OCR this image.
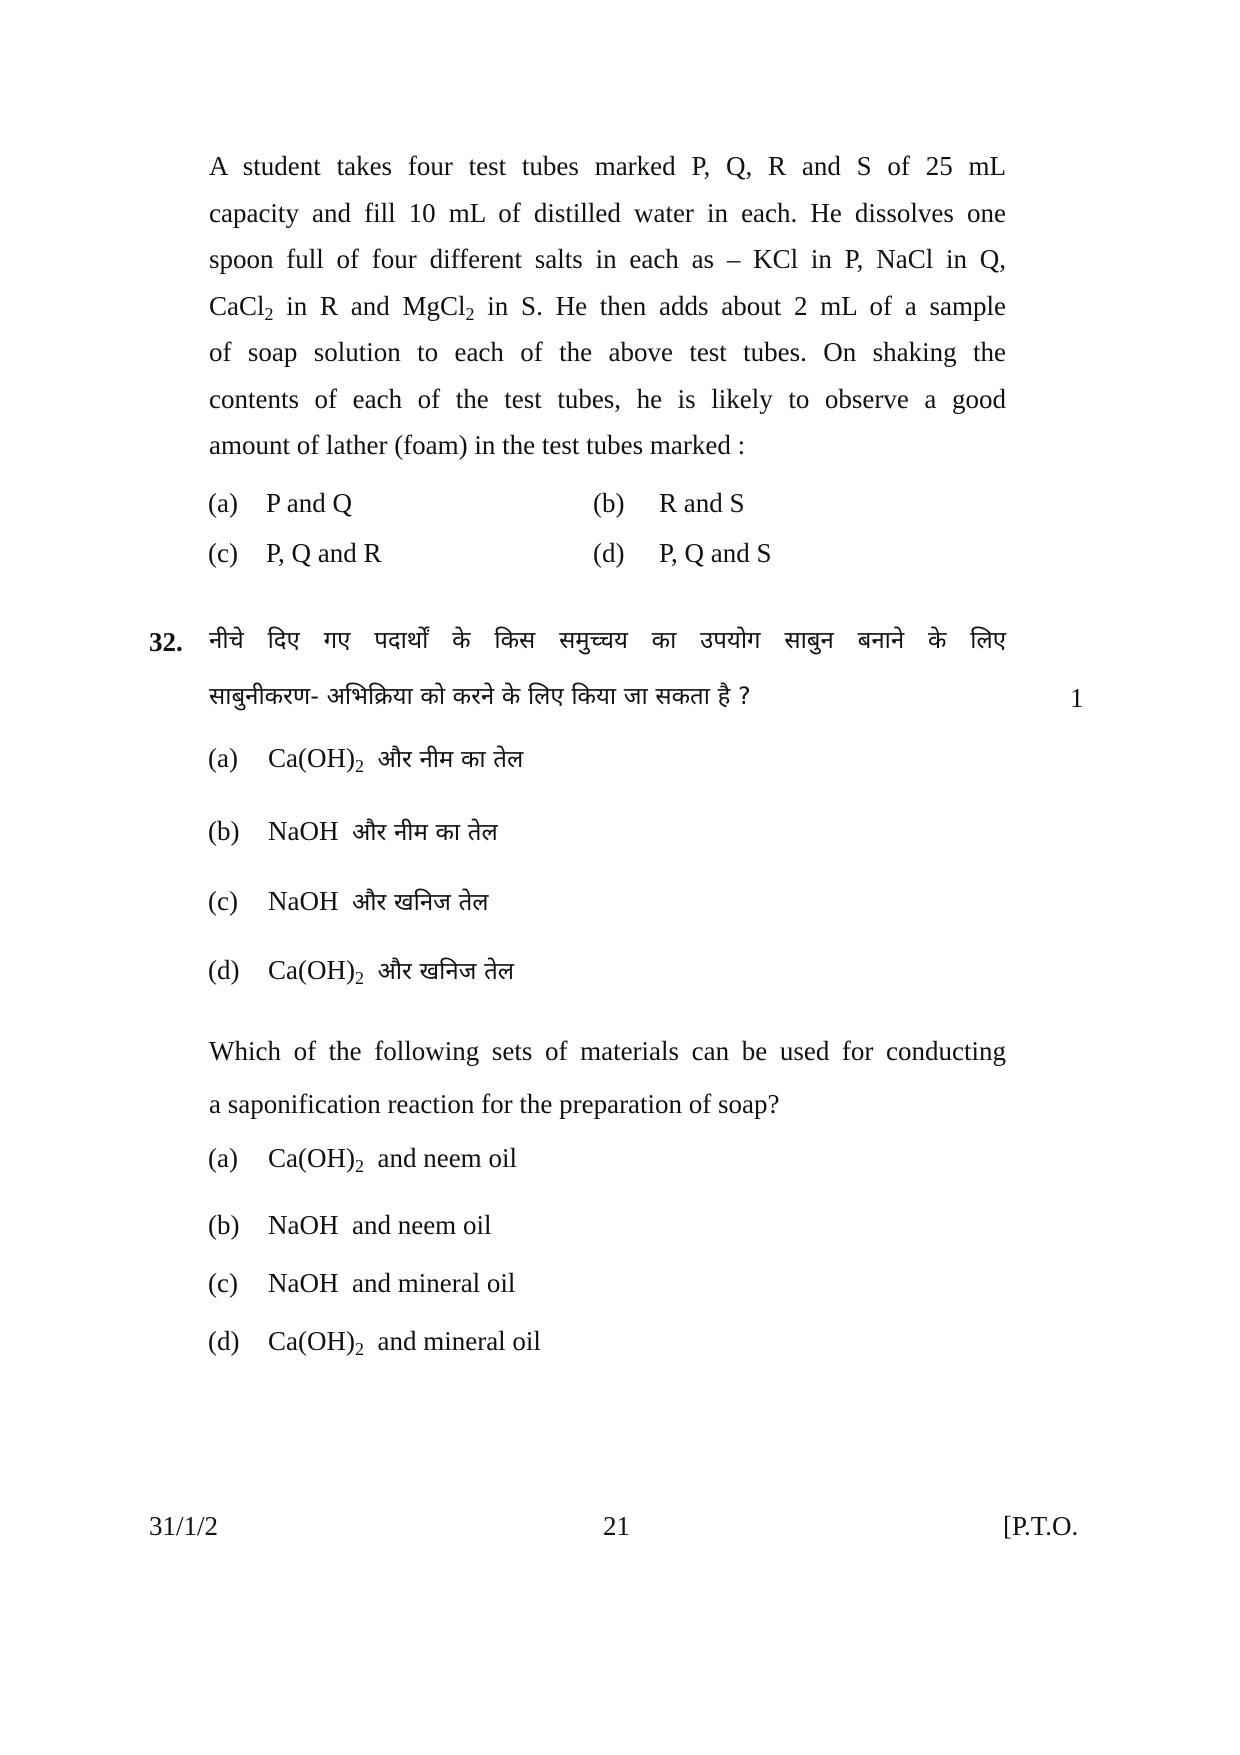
A student takes four test tubes marked P, Q, R and S of 25 mL
capacity and fill 10 mL of distilled water in each. He dissolves one
spoon full of four different salts in each as – KCl in P, NaCl in Q,
CaCl$_2$ in R and MgCl$_2$ in S. He then adds about 2 mL of a sample
of soap solution to each of the above test tubes. On shaking the
contents of each of the test tubes, he is likely to observe a good
amount of lather (foam) in the test tubes marked :
(a) P and Q	(b) R and S
(c) P, Q and R	(d) P, Q and S
32. नीचे दिए गए पदार्थों के किस समुच्चय का उपयोग साबुन बनाने के लिए
साबुनीकरण- अभिक्रिया को करने के लिए किया जा सकता है ?	1
(a) $Ca(OH)_2$ और नीम का तेल
(b) NaOH और नीम का तेल
(c) NaOH और खनिज तेल
(d) $Ca(OH)_2$ और खनिज तेल
Which of the following sets of materials can be used for conducting
a saponification reaction for the preparation of soap?
(a) $Ca(OH)_2$ and neem oil
(b) NaOH and neem oil
(c) NaOH and mineral oil
(d) $Ca(OH)_2$ and mineral oil
31/1/2	21	[P.T.O.
